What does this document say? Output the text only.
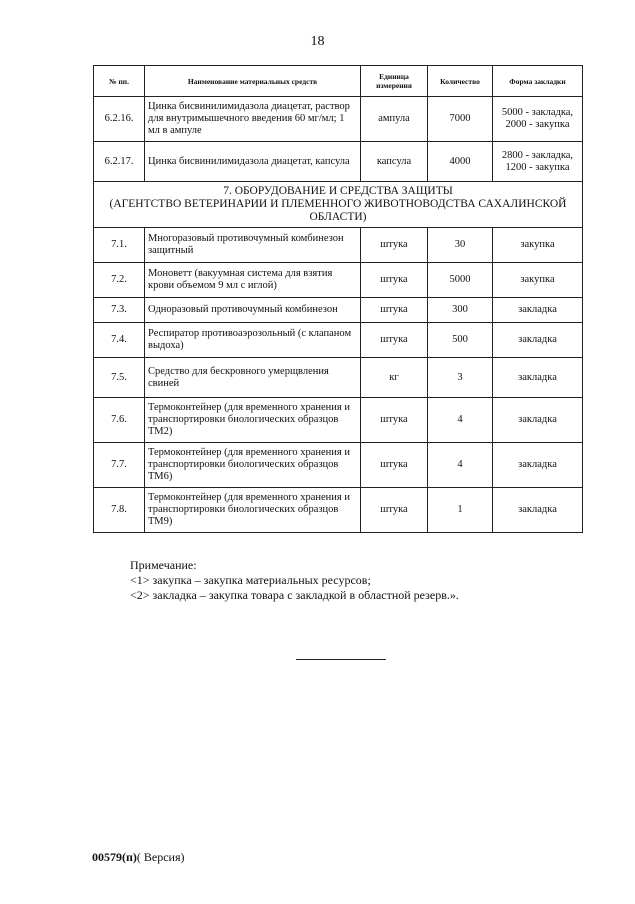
18
№ пп.	Наименование материальных средств	Единица измерения	Количество	Форма закладки
6.2.16.	Цинка бисвинилимидазола диацетат, раствор для внутримышечного введения 60 мг/мл; 1 мл в ампуле	ампула	7000	5000 - закладка,
2000 - закупка

6.2.17.	Цинка бисвинилимидазола диацетат, капсула	капсула	4000	2800 - закладка,
1200 - закупка

7. ОБОРУДОВАНИЕ И СРЕДСТВА ЗАЩИТЫ
(АГЕНТСТВО ВЕТЕРИНАРИИ И ПЛЕМЕННОГО ЖИВОТНОВОДСТВА САХАЛИНСКОЙ ОБЛАСТИ)				

7.1.	Многоразовый противочумный комбинезон защитный	штука	30	закупка
7.2.	Моноветт (вакуумная система для взятия крови объемом 9 мл с иглой)	штука	5000	закупка
7.3.	Одноразовый противочумный комбинезон	штука	300	закладка
7.4.	Респиратор противоаэрозольный (с клапаном выдоха)	штука	500	закладка
7.5.	Средство для бескровного умерщвления свиней	кг	3	закладка
7.6.	Термоконтейнер (для временного хранения и транспортировки биологических образцов ТМ2)	штука	4	закладка
7.7.	Термоконтейнер (для временного хранения и транспортировки биологических образцов ТМ6)	штука	4	закладка
7.8.	Термоконтейнер (для временного хранения и транспортировки биологических образцов ТМ9)	штука	1	закладка
Примечание:
<1> закупка – закупка материальных ресурсов;
<2> закладка – закупка товара с закладкой в областной резерв.».
00579(п)( Версия)
